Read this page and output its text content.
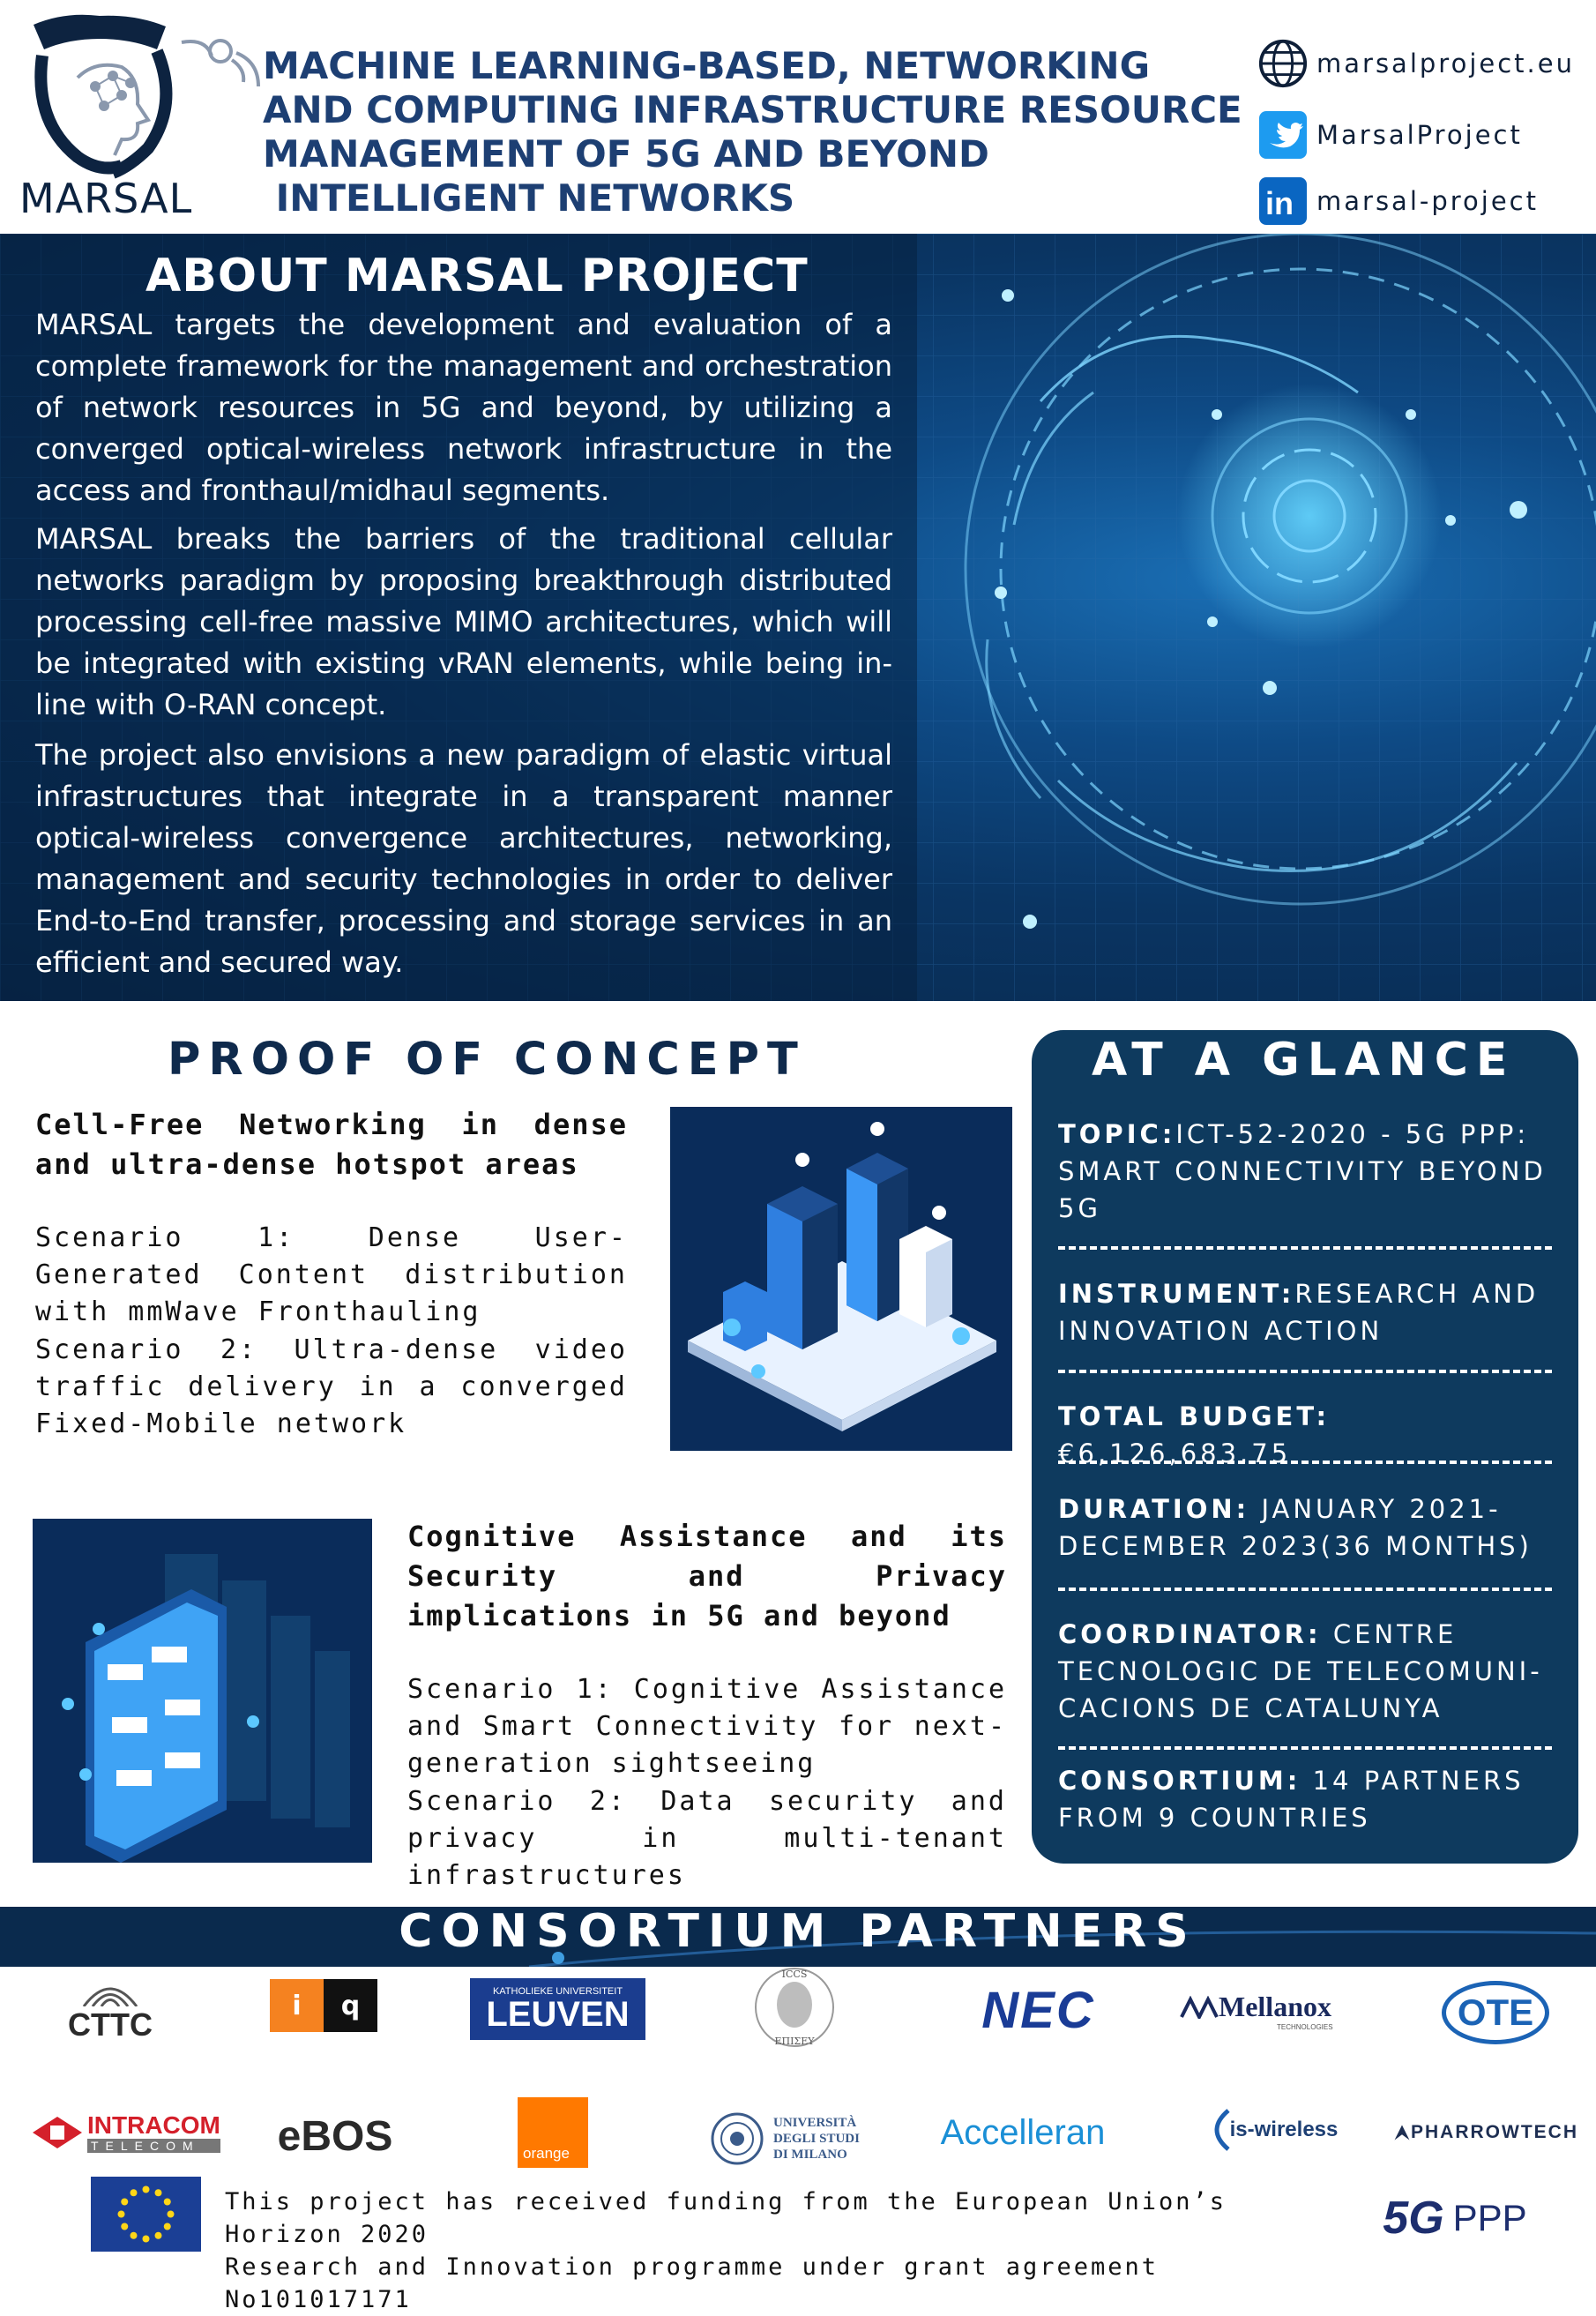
MARSAL
MACHINE LEARNING-BASED, NETWORKING
AND COMPUTING INFRASTRUCTURE RESOURCE
MANAGEMENT OF 5G AND BEYOND
INTELLIGENT NETWORKS
marsalproject.eu
MarsalProject
in marsal-project
ABOUT MARSAL PROJECT
MARSAL targets the development and evaluation of a complete framework for the management and orchestration of network resources in 5G and beyond, by utilizing a converged optical-wireless network infrastructure in the access and fronthaul/midhaul segments.
MARSAL breaks the barriers of the traditional cellular networks paradigm by proposing breakthrough distributed processing cell-free massive MIMO architectures, which will be integrated with existing vRAN elements, while being in-line with O-RAN concept.
The project also envisions a new paradigm of elastic virtual infrastructures that integrate in a transparent manner optical-wireless convergence architectures, networking, management and security technologies in order to deliver End-to-End transfer, processing and storage services in an efficient and secured way.
PROOF OF CONCEPT
Cell-Free Networking in dense and ultra-dense hotspot areas
Scenario 1: Dense User-Generated Content distribution with mmWave Fronthauling
Scenario 2: Ultra-dense video traffic delivery in a converged Fixed-Mobile network
Cognitive Assistance and its Security and Privacy implications in 5G and beyond
Scenario 1: Cognitive Assistance and Smart Connectivity for next-generation sightseeing
Scenario 2: Data security and privacy in multi-tenant infrastructures
AT A GLANCE
TOPIC:ICT-52-2020 - 5G PPP: SMART CONNECTIVITY BEYOND 5G
INSTRUMENT:RESEARCH AND INNOVATION ACTION
TOTAL BUDGET:€6,126,683.75
DURATION: JANUARY 2021- DECEMBER 2023(36 MONTHS)
COORDINATOR: CENTRE TECNOLOGIC DE TELECOMUNI-CACIONS DE CATALUNYA
CONSORTIUM: 14 PARTNERS FROM 9 COUNTRIES
CONSORTIUM PARTNERS
CTTC
i	q	KATHOLIEKE UNIVERSITEIT
LEUVEN
ICCS
ΕΠΙΣΕΥ
NEC	Mellanox
TECHNOLOGIES	OTE
INTRACOM
TELECOM	eBOS	orange
UNIVERSITÀ DEGLI STUDI DI MILANO
Accelleran	is-wireless	PHARROWTECH
This project has received funding from the European Union’s Horizon 2020
Research and Innovation programme under grant agreement No101017171
5G PPP
